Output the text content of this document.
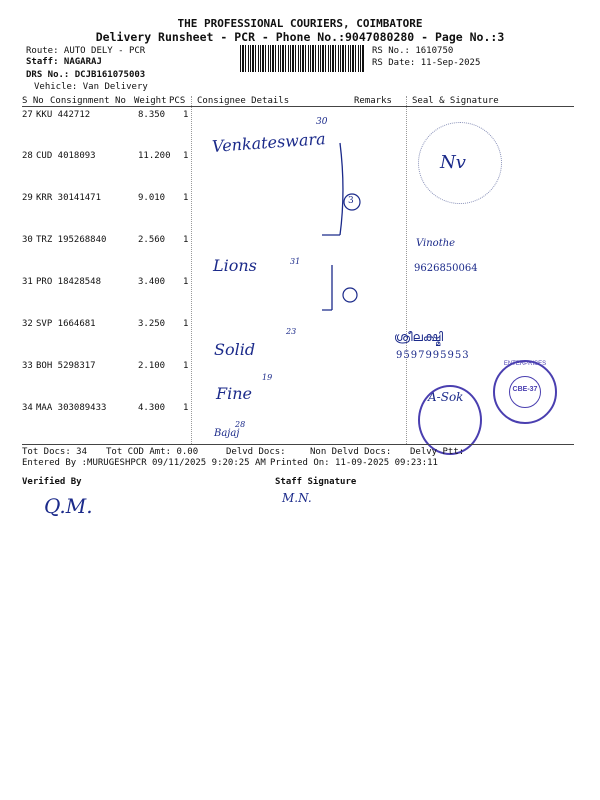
THE PROFESSIONAL COURIERS, COIMBATORE
Delivery Runsheet - PCR - Phone No.:9047080280 - Page No.:3
Route: AUTO DELY - PCR
Staff: NAGARAJ
DRS No.: DCJB161075003
Vehicle: Van Delivery
RS No.: 1610750
RS Date: 11-Sep-2025
S No Consignment No Weight PCS Consignee Details	Remarks Seal & Signature
27 KKU 442712	8.350 1
28 CUD 4018093	11.200 1
29 KRR 30141471	9.010 1
30 TRZ 195268840	2.560 1
31 PRO 18428548	3.400 1
32 SVP 1664681	3.250 1
33 BOH 5298317	2.100 1
34 MAA 303089433	4.300 1
Venkateswara
30
Lions	31
Solid
23
Fine
19
Bajaj
28
3
Nv
Vinothe
9626850064
ശ്രീലക്ഷ്മി
9597995953
A-Sok
ENTERPRISES
CBE-37
Tot Docs: 34 Tot COD Amt: 0.00	Delvd Docs:	Non Delvd Docs: Delvy Ptt:
Entered By :MURUGESHPCR 09/11/2025 9:20:25 AM Printed On: 11-09-2025 09:23:11
Verified By	Staff Signature
Q.M.	M.N.
